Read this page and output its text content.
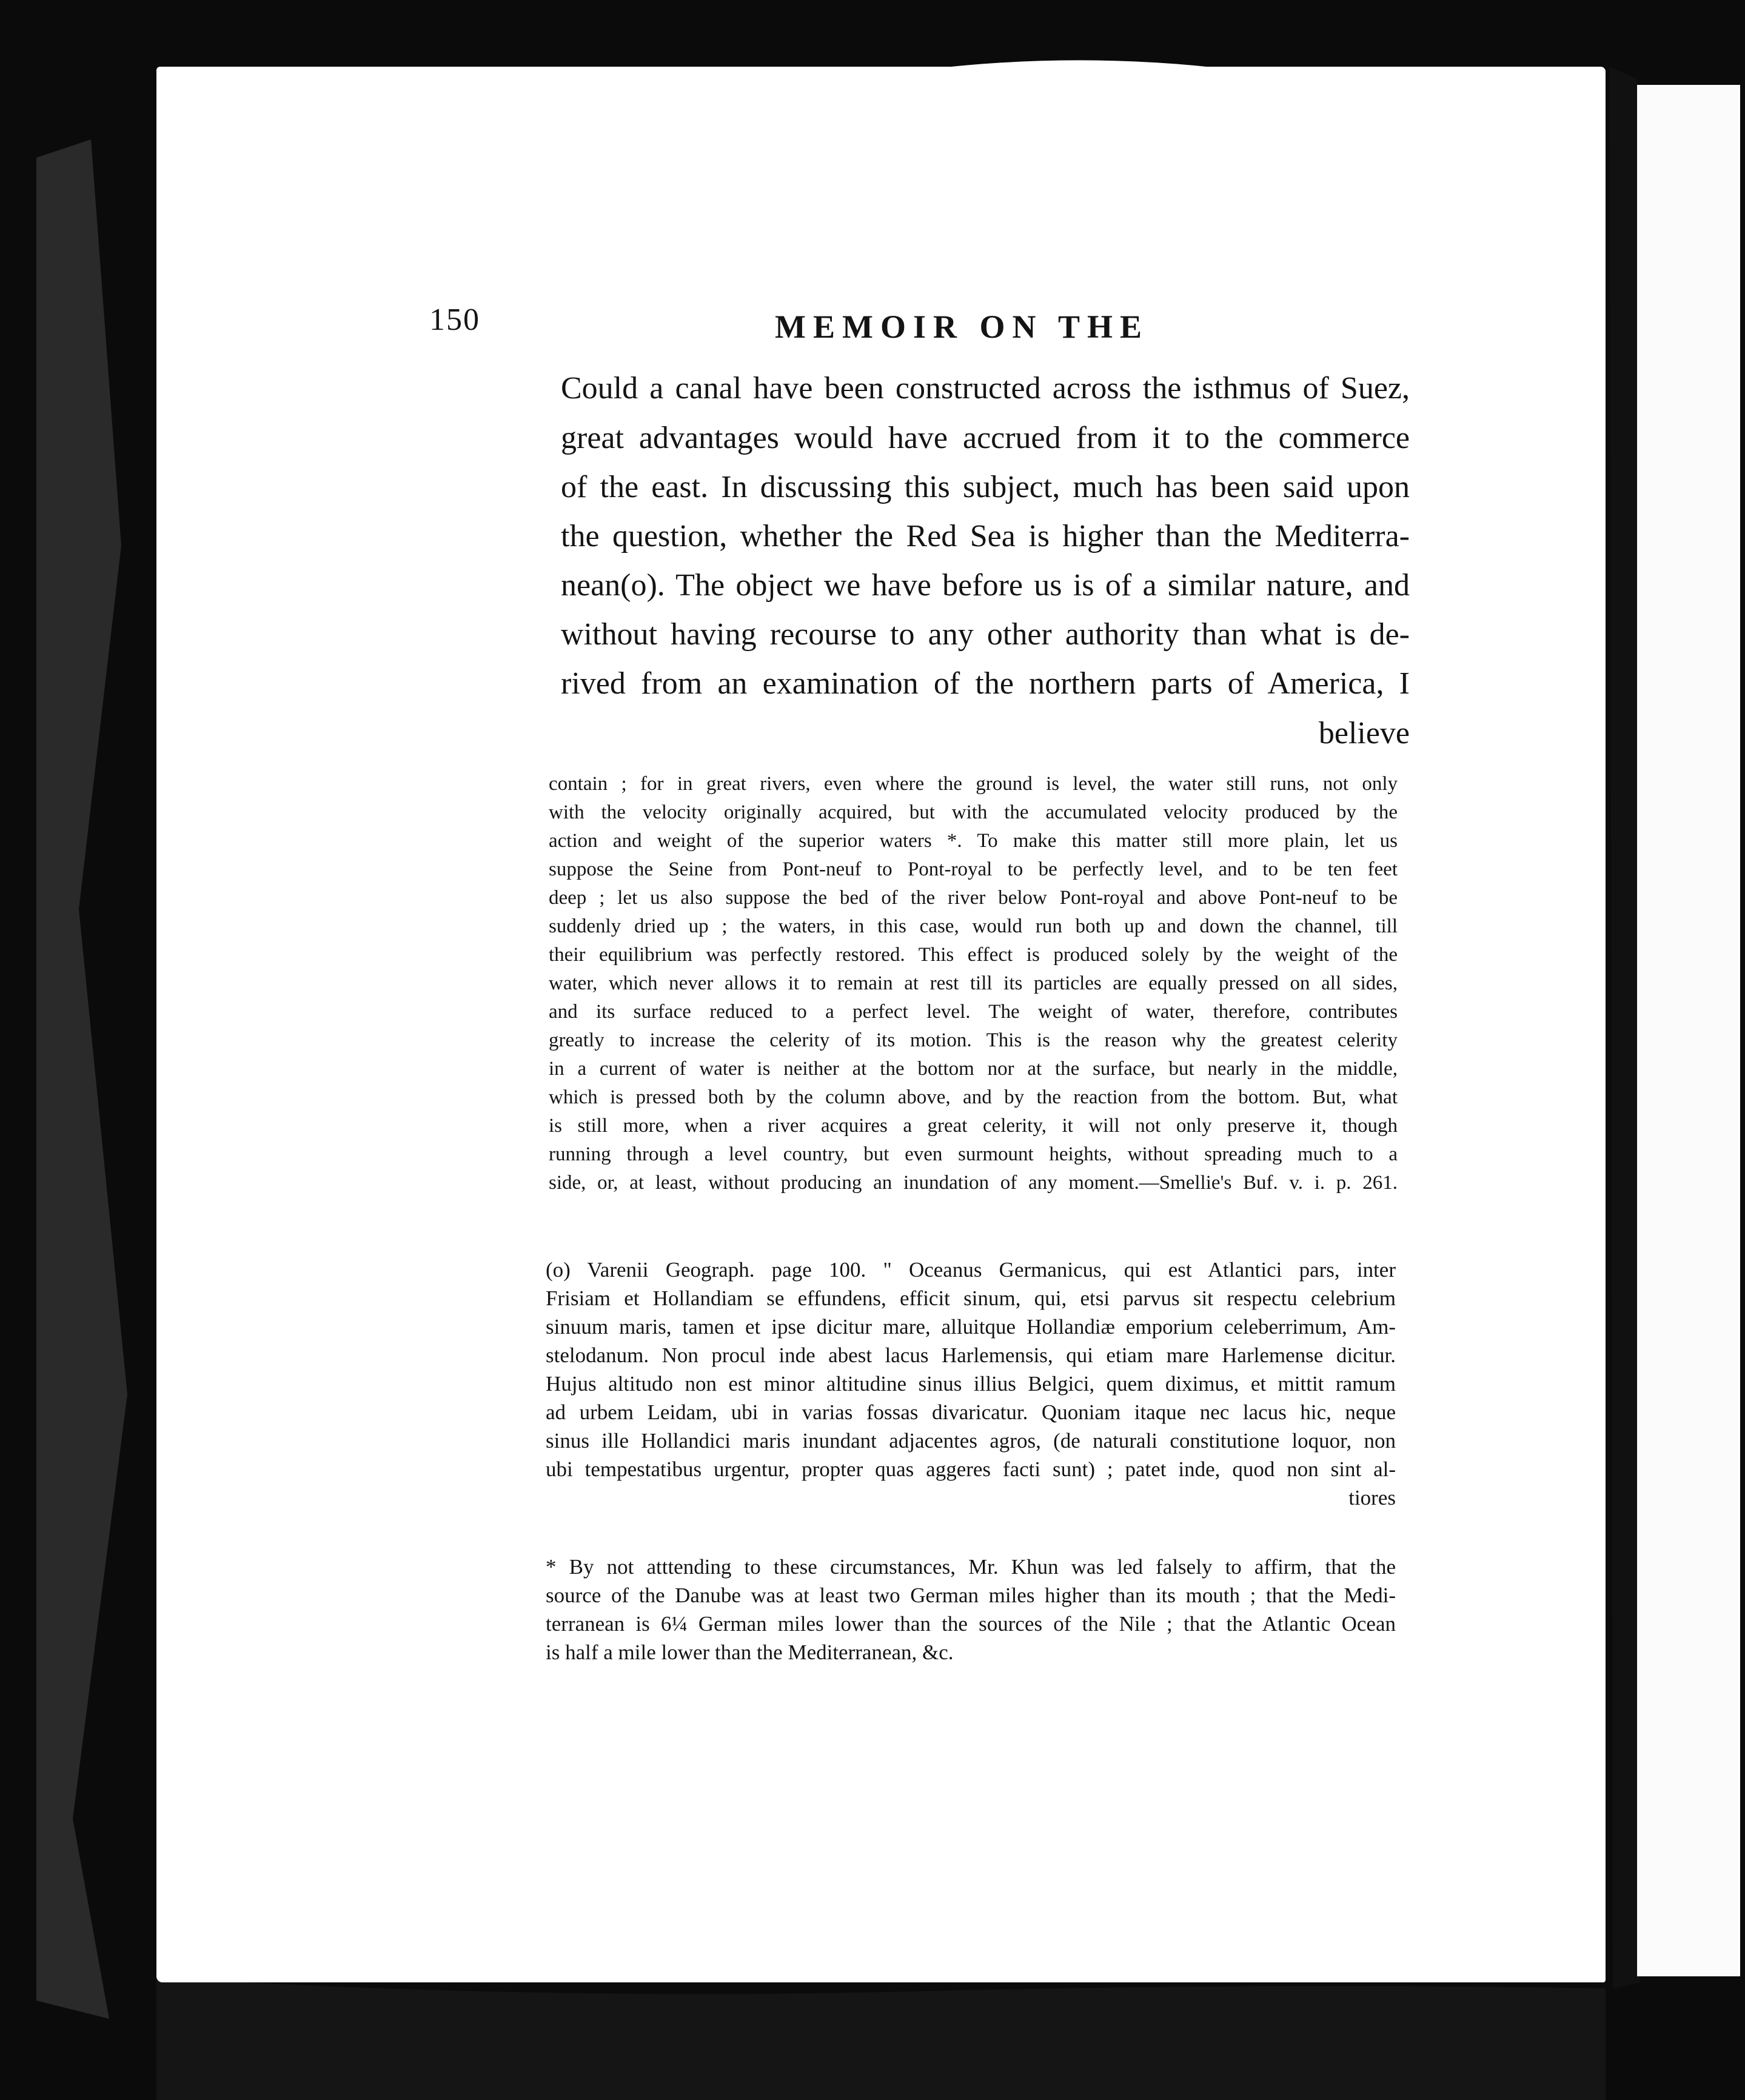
150	MEMOIR ON THE

Could a canal have been constructed across the isthmus of Suez,

great advantages would have accrued from it to the commerce

of the east. In discussing this subject, much has been said upon

the question, whether the Red Sea is higher than the Mediterra-

nean(o). The object we have before us is of a similar nature, and

without having recourse to any other authority than what is de-

rived from an examination of the northern parts of America, I

believe

contain ; for in great rivers, even where the ground is level, the water still runs, not only

with the velocity originally acquired, but with the accumulated velocity produced by the

action and weight of the superior waters *. To make this matter still more plain, let us

suppose the Seine from Pont-neuf to Pont-royal to be perfectly level, and to be ten feet

deep ; let us also suppose the bed of the river below Pont-royal and above Pont-neuf to be

suddenly dried up ; the waters, in this case, would run both up and down the channel, till

their equilibrium was perfectly restored. This effect is produced solely by the weight of the

water, which never allows it to remain at rest till its particles are equally pressed on all sides,

and its surface reduced to a perfect level. The weight of water, therefore, contributes

greatly to increase the celerity of its motion. This is the reason why the greatest celerity

in a current of water is neither at the bottom nor at the surface, but nearly in the middle,

which is pressed both by the column above, and by the reaction from the bottom. But, what

is still more, when a river acquires a great celerity, it will not only preserve it, though

running through a level country, but even surmount heights, without spreading much to a

side, or, at least, without producing an inundation of any moment.—Smellie's Buf. v. i. p. 261.

(o) Varenii Geograph. page 100. " Oceanus Germanicus, qui est Atlantici pars, inter

Frisiam et Hollandiam se effundens, efficit sinum, qui, etsi parvus sit respectu celebrium

sinuum maris, tamen et ipse dicitur mare, alluitque Hollandiæ emporium celeberrimum, Am-

stelodanum. Non procul inde abest lacus Harlemensis, qui etiam mare Harlemense dicitur.

Hujus altitudo non est minor altitudine sinus illius Belgici, quem diximus, et mittit ramum

ad urbem Leidam, ubi in varias fossas divaricatur. Quoniam itaque nec lacus hic, neque

sinus ille Hollandici maris inundant adjacentes agros, (de naturali constitutione loquor, non

ubi tempestatibus urgentur, propter quas aggeres facti sunt) ; patet inde, quod non sint al-

tiores

* By not atttending to these circumstances, Mr. Khun was led falsely to affirm, that the

source of the Danube was at least two German miles higher than its mouth ; that the Medi-

terranean is 6¼ German miles lower than the sources of the Nile ; that the Atlantic Ocean

is half a mile lower than the Mediterranean, &c.
